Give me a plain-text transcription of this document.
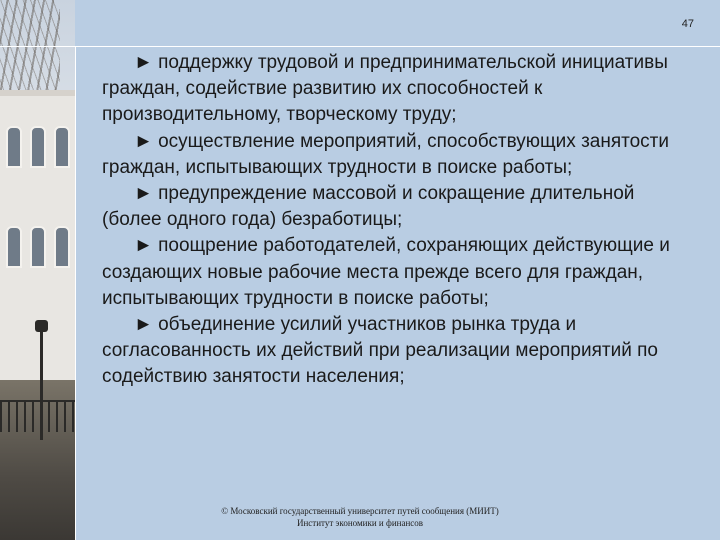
47

► поддержку трудовой и предпринимательской инициативы граждан, содействие развитию их способностей к производительному, творческому труду;

► осуществление мероприятий, способствующих занятости граждан, испытывающих трудности в поиске работы;

► предупреждение массовой и сокращение длительной (более одного года) безработицы;

► поощрение работодателей, сохраняющих действующие и создающих новые рабочие места прежде всего для граждан, испытывающих трудности в поиске работы;

► объединение усилий участников рынка труда и согласованность их действий при реализации мероприятий по содействию занятости населения;

© Московский государственный университет путей сообщения (МИИТ)
Институт экономики и финансов
